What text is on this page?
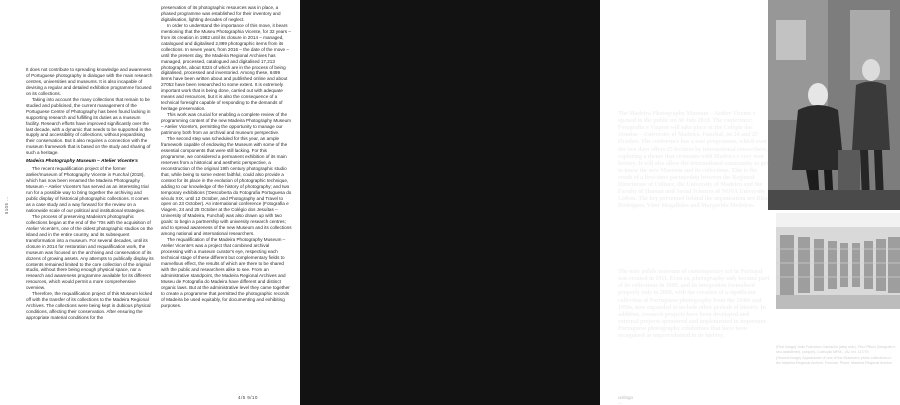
5105 ...

It does not contribute to spreading knowledge and awareness of Portuguese photography in dialogue with the main research centres, universities and museums. It is also incapable of devising a regular and detailed exhibition programme focused on its collections.

Taking into account the many collections that remain to be studied and publicised, the current management of the Portuguese Centre of Photography has been found lacking in supporting research and fulfilling its duties as a museum facility. Research efforts have improved significantly over the last decade, with a dynamic that needs to be supported in the supply and accessibility of collections, without jeopardising their conservation. But it also requires a connection with the museum framework that is based on the study and sharing of such a heritage.

Madeira Photography Museum – Atelier Vicente's

The recent requalification project of the former atelier/museum of Photography Vicente in Funchal (2018), which has now been renamed the Madeira Photography Museum – Atelier Vicente's has served as an interesting trial run for a possible way to bring together the archiving and public display of historical photographic collections. It comes as a case study and a way forward for the review on a nationwide scale of our political and institutional strategies.

The process of preserving Madeira's photographic collections began at the end of the '70s with the acquisition of Atelier Vicente's, one of the oldest photographic studios on the island and in the entire country, and its subsequent transformation into a museum. For several decades, until its closure in 2014 for restoration and requalification work, the museum was focused on the archiving and conservation of its dozens of growing assets. Any attempts to publically display its contents remained limited to the core collection of the original studio, without there being enough physical space, nor a research and awareness programme available for its different resources, which would permit a more comprehensive overview.

Therefore, the requalification project of this Museum kicked off with the transfer of its collections to the Madeira Regional Archives. The collections were being kept in dubious physical conditions, affecting their conservation. After ensuring the appropriate material conditions for the

preservation of its photographic resources was in place, a phased programme was established for their inventory and digitalisation, lighting decades of neglect.

In order to understand the importance of this move, it bears mentioning that the Museu Photographia Vicente, for 32 years – from its creation in 1982 until its closure in 2014 – managed, catalogued and digitalised 2,889 photographic items from its collections. In seven years, from 2016 – the date of the move – until the present day, the Madeira Regional Archives has managed, processed, catalogued and digitalised 17,213 photographs, about 8324 of which are in the process of being digitalised, processed and inventoried. Among these, 6499 items have been written about and published online and about 27052 have been researched to some extent. It is extremely important work that is being done, carried out with adequate means and resources, but it is also the consequence of a technical foresight capable of responding to the demands of heritage preservation.

This work was crucial for enabling a complete review of the programming content of the new Madeira Photography Museum – Atelier Vicente's, permitting the opportunity to manage our patrimony both from an archival and museum perspective.

The second step was scheduled for this year, an ample framework capable of endowing the Museum with some of the essential components that were still lacking. For this programme, we considered a permanent exhibition of its main reserves from a historical and aesthetic perspective, a reconstruction of the original 19th century photographic studio that, while being to some extent faithful, could also provide a context for its place in the evolution of photographic technique, adding to our knowledge of the history of photography; and two temporary exhibitions ('Descoberta do Fotografia Portuguesa do século XIX, until 12 October, and Photography and Travel to open on 23 October). An international conference (Fotografia e Viagem, 24 and 25 October at the Colégio dos Jesuítas – University of Madeira, Funchal) was also drawn up with two goals: to begin a partnership with university research centres; and to spread awareness of the new Museum and its collections among national and international researchers.

The requalification of the Madeira Photography Museum – Atelier Vicente's was a project that combined archival processing with a museum curator's eye, respecting each technical stage of these different but complementary fields to marvellous effect, the results of which are there to be shared with the public and researchers alike to see. From an administrative standpoint, the Madeira Regional Archives and Museu de Fotografia do Madeira have different and distinct organic laws. But at the administrative level they came together to create a programme that permitted the photographic records of Madeira be used equitably, for documenting and exhibiting purposes.

4/5 9/10
The Conference

The Madeira Photography Museum – Atelier Vicente's opened to the public on 30 July 2019. The conference: Fotografia e Viagem will take place at the Colégio dos Jesuítas – University of Madeira, Funchal, on 24 and 25 October. The conference has a vast programme, which over the two days offers 25 lectures by international researchers, exploring a theme that resonates with Madeira's very own history. It will also allow the international community to get to know the new Museum and its collections. This is the result of a first-time partnership between the Regional Directorate of Culture, the University of Madeira and the Faculty of Human and Social Sciences of NOVA University Lisbon. The key personnel behind the organisation are Rita Rodrigues, Vítor Magalhães and Margarida Medeiros.

The National Museum of Contemporary Art – Museu do Chiado

The only public museum of contemporary art in Portugal was created in 1911. Even so, photography only became part of its collections in 1999, and its integration formalised properly only in 2009, with the creation of a significant collection of Portuguese photography from the 1940s and 1950s, now expanded to include other periods of history. In addition, research projects have been developed and external projects sponsored and implemented in important Portuguese photography exhibitions that have been recognised as unprecedented in its history.

(First image) João Francisco Camacho (atrip rear), Prez Ptitulo (fotografo e seu assistente), (sequel), Colecção MFM – AV. Inv. 117/79

(Second image) Appearance of one of the Museum's photo collections in the Madeira Regional Archive, Funchal. Photo: Madeira Regional Archive

umbigo ...
